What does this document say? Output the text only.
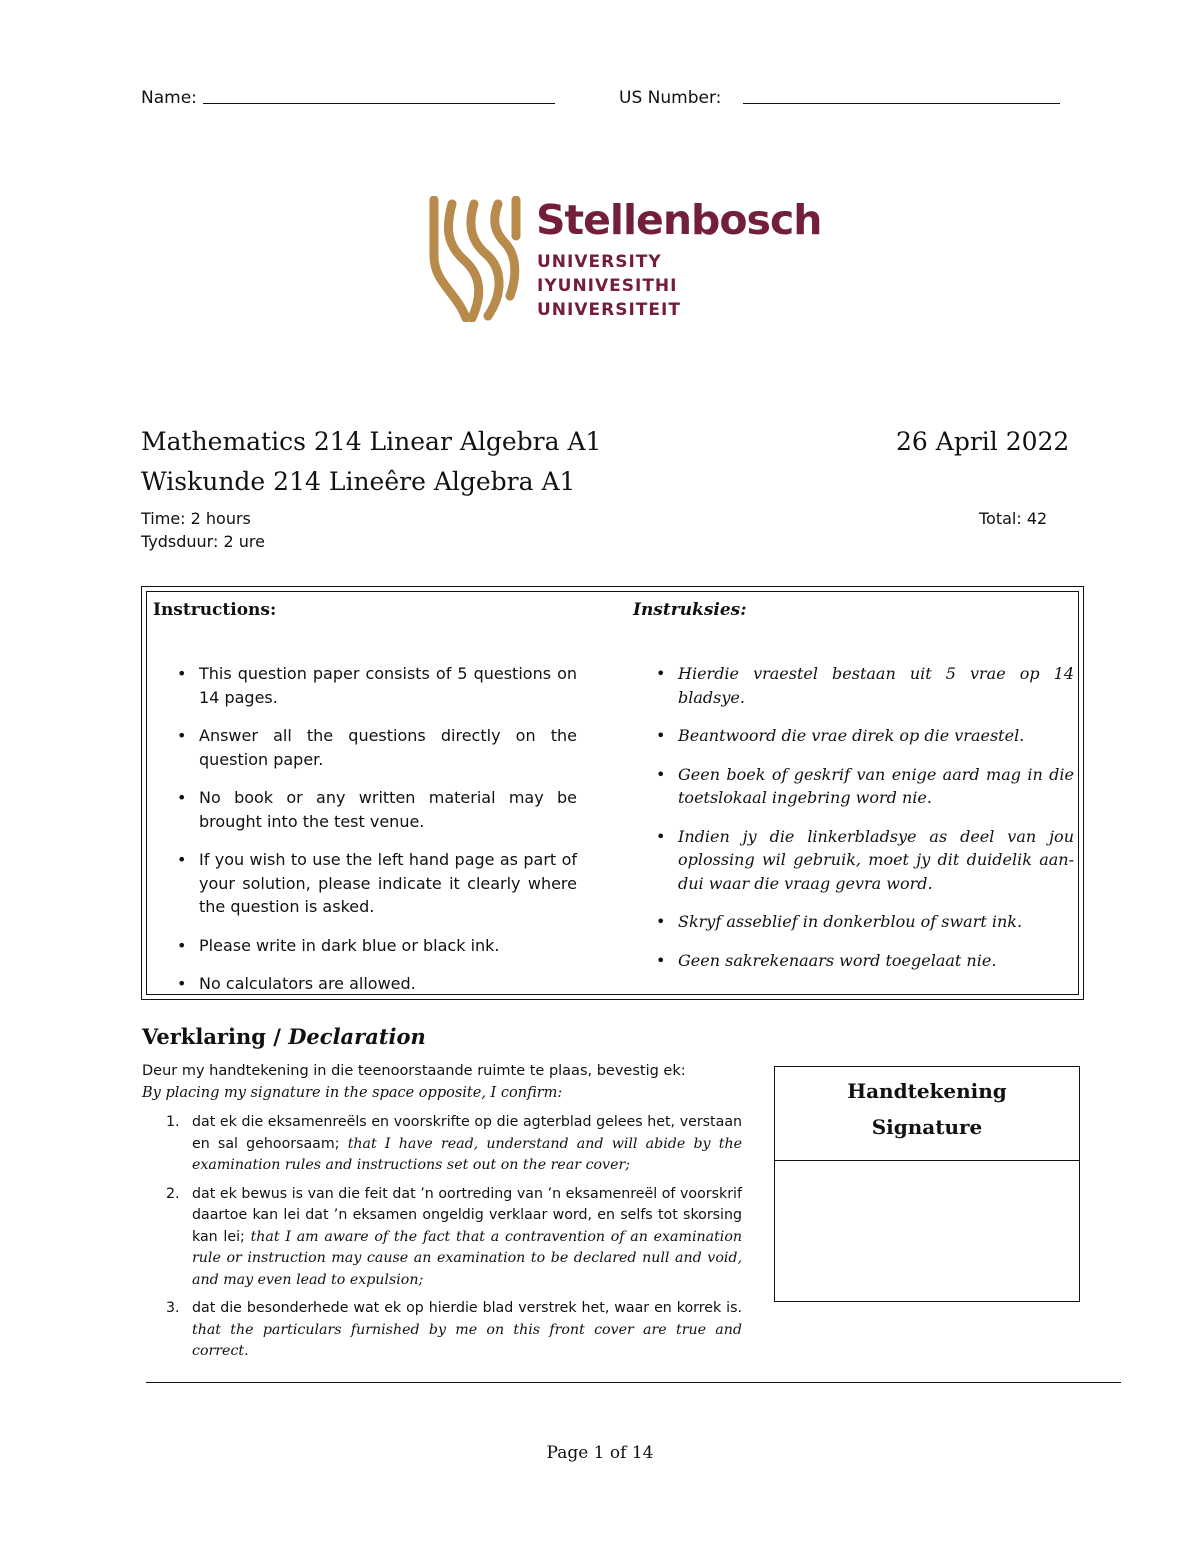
Name:	US Number:
Stellenbosch
UNIVERSITY
IYUNIVESITHI
UNIVERSITEIT
Mathematics 214 Linear Algebra A1	26 April 2022
Wiskunde 214 Lineêre Algebra A1
Time: 2 hours	Total: 42
Tydsduur: 2 ure
Instructions:	Instruksies:
• This question paper consists of 5 questions on 14 pages.
• Answer all the questions directly on the question paper.
• No book or any written material may be brought into the test venue.
• If you wish to use the left hand page as part of your solution, please indicate it clearly where the question is asked.
• Please write in dark blue or black ink.
• No calculators are allowed.
• Hierdie vraestel bestaan uit 5 vrae op 14 bladsye.
• Beantwoord die vrae direk op die vraestel.
• Geen boek of geskrif van enige aard mag in die toetslokaal ingebring word nie.
• Indien jy die linkerbladsye as deel van jou oplossing wil gebruik, moet jy dit duidelik aan-dui waar die vraag gevra word.
• Skryf asseblief in donkerblou of swart ink.
• Geen sakrekenaars word toegelaat nie.
Verklaring / Declaration
Deur my handtekening in die teenoorstaande ruimte te plaas, bevestig ek:
By placing my signature in the space opposite, I confirm:
1. dat ek die eksamenreëls en voorskrifte op die agterblad gelees het, verstaan en sal gehoorsaam; that I have read, understand and will abide by the examination rules and instructions set out on the rear cover;
2. dat ek bewus is van die feit dat ’n oortreding van ’n eksamenreël of voorskrif daartoe kan lei dat ’n eksamen ongeldig verklaar word, en selfs tot skorsing kan lei; that I am aware of the fact that a contravention of an examination rule or instruction may cause an examination to be declared null and void, and may even lead to expulsion;
3. dat die besonderhede wat ek op hierdie blad verstrek het, waar en korrek is. that the particulars furnished by me on this front cover are true and correct.
Handtekening
Signature
Page 1 of 14
